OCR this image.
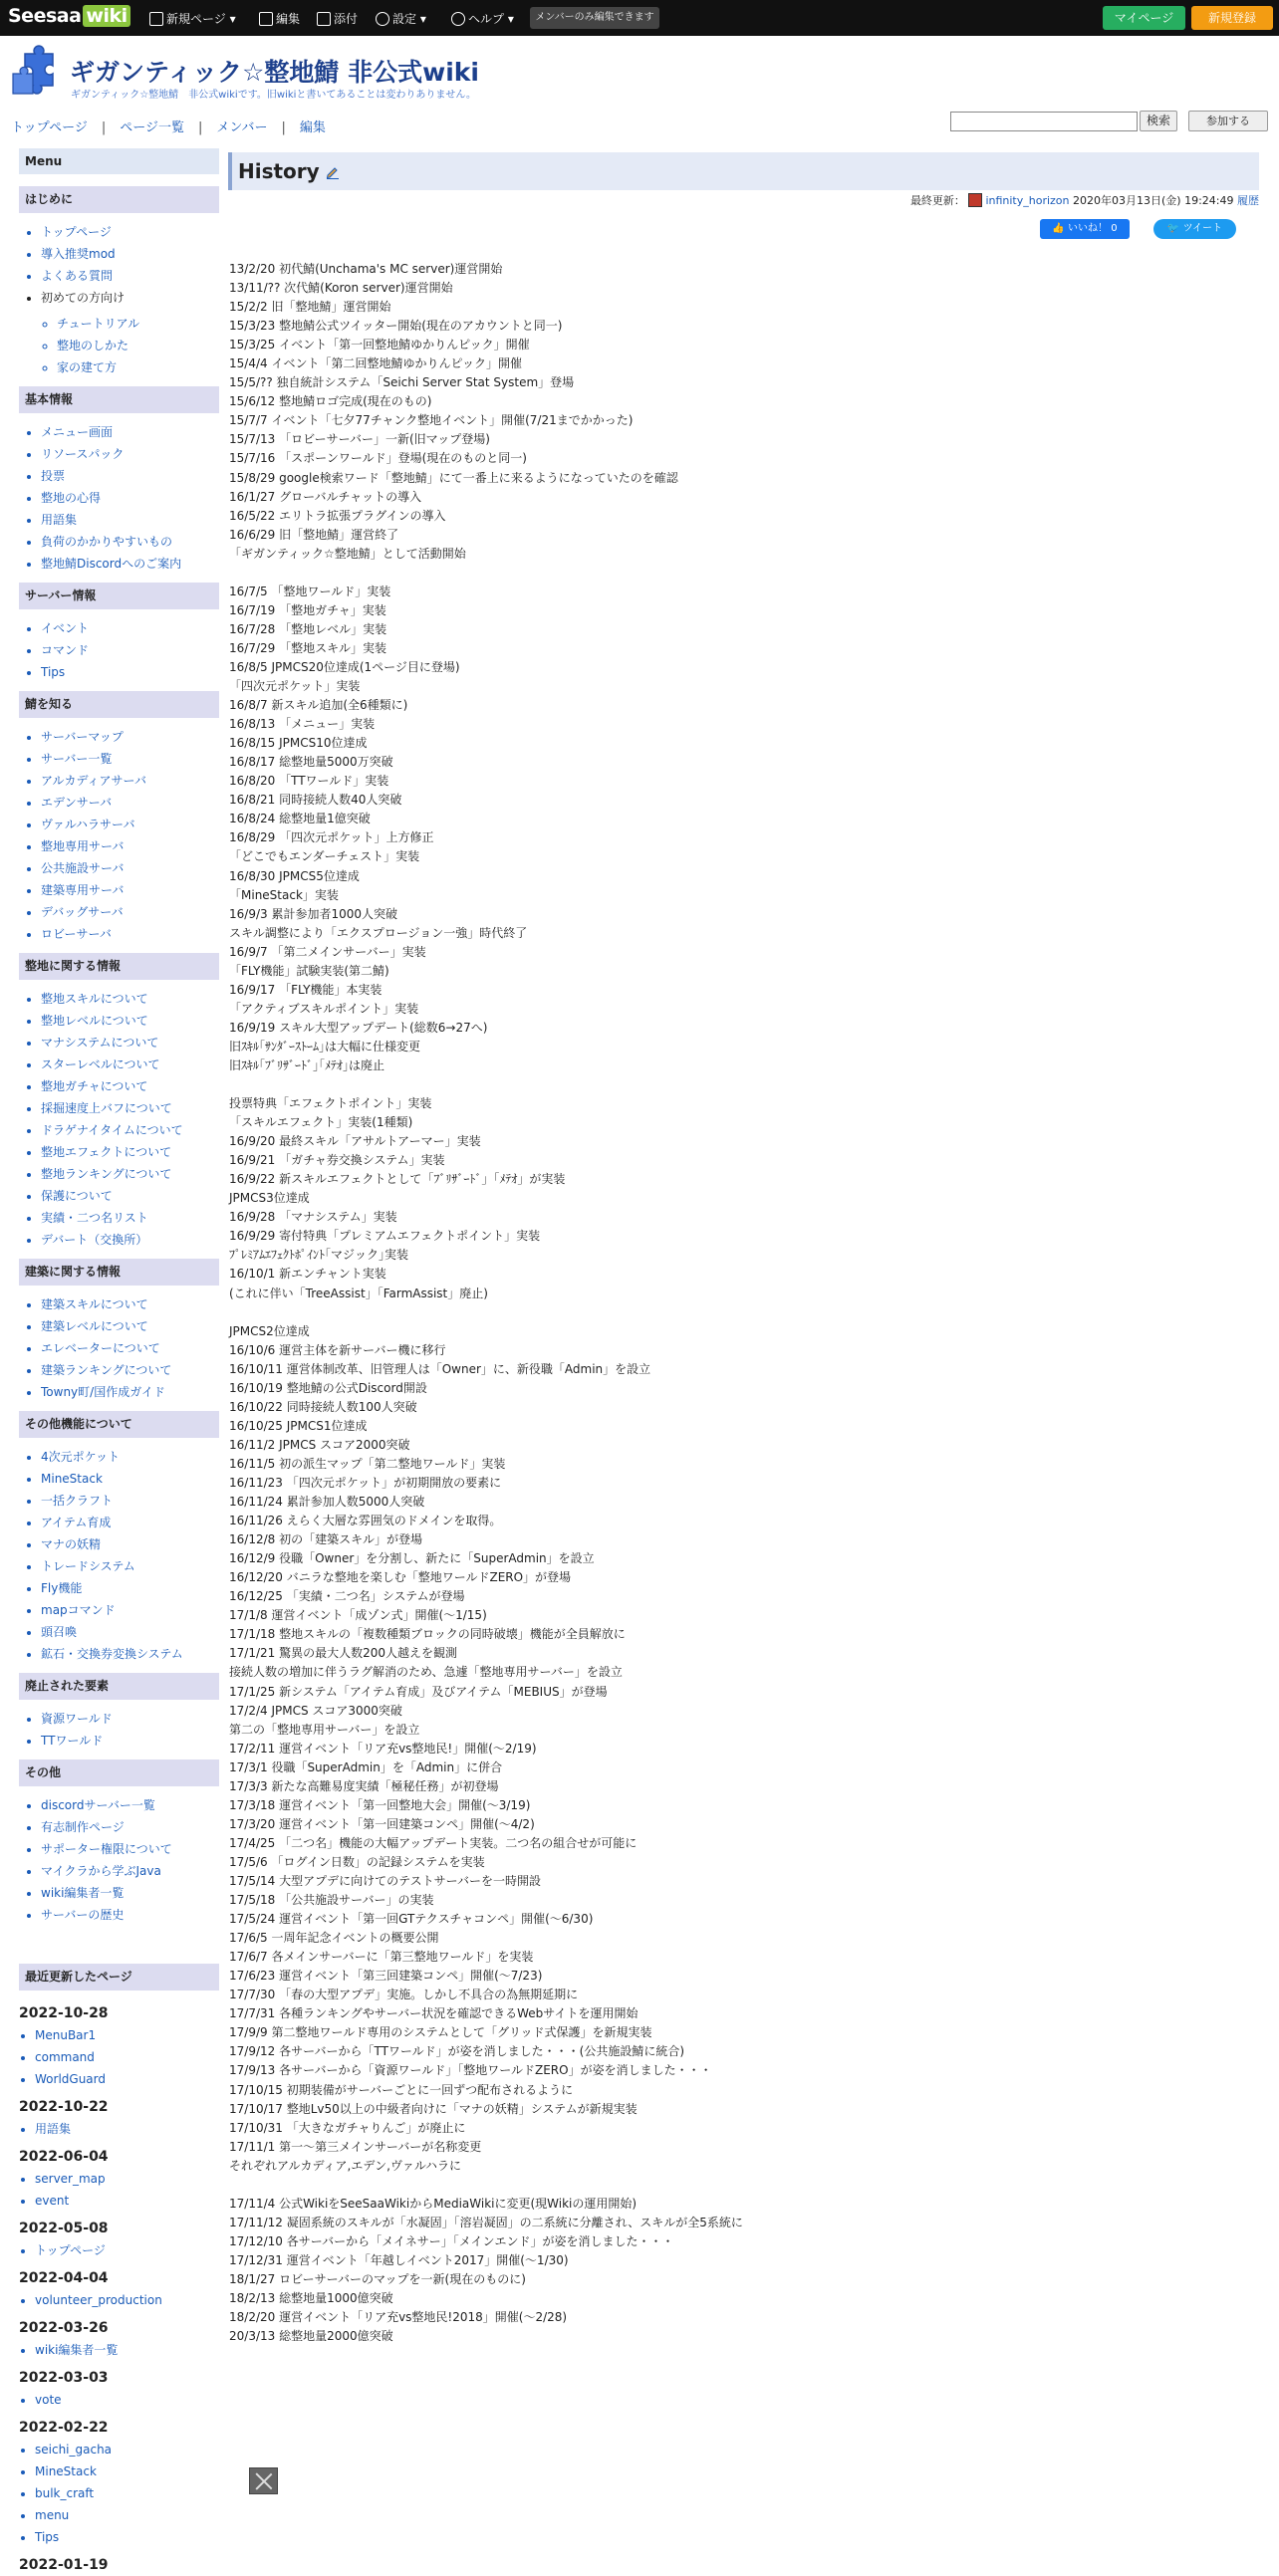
Seesaa wiki	新規ページ ▾	編集	添付	設定 ▾	ヘルプ ▾	メンバーのみ編集できます	マイページ	新規登録
ギガンティック☆整地鯖 非公式wiki
ギガンティック☆整地鯖　非公式wikiです。旧wikiと書いてあることは変わりありません。
トップページ | ページ一覧 | メンバー | 編集	検索	参加する
Menu
はじめに
• トップページ
• 導入推奨mod
• よくある質問
• 初めての方向け
◦ チュートリアル
◦ 整地のしかた
◦ 家の建て方
基本情報
• メニュー画面
• リソースパック
• 投票
• 整地の心得
• 用語集
• 負荷のかかりやすいもの
• 整地鯖Discordへのご案内
サーバー情報
• イベント
• コマンド
• Tips
鯖を知る
• サーバーマップ
• サーバー一覧
• アルカディアサーバ
• エデンサーバ
• ヴァルハラサーバ
• 整地専用サーバ
• 公共施設サーバ
• 建築専用サーバ
• デバッグサーバ
• ロビーサーバ
整地に関する情報
• 整地スキルについて
• 整地レベルについて
• マナシステムについて
• スターレベルについて
• 整地ガチャについて
• 採掘速度上バフについて
• ドラゲナイタイムについて
• 整地エフェクトについて
• 整地ランキングについて
• 保護について
• 実績・二つ名リスト
• デバート（交換所）
建築に関する情報
• 建築スキルについて
• 建築レベルについて
• エレベーターについて
• 建築ランキングについて
• Towny町/国作成ガイド
その他機能について
• 4次元ポケット
• MineStack
• 一括クラフト
• アイテム育成
• マナの妖精
• トレードシステム
• Fly機能
• mapコマンド
• 頭召喚
• 鉱石・交換券変換システム
廃止された要素
• 資源ワールド
• TTワールド
その他
• discordサーバー一覧
• 有志制作ページ
• サポーター権限について
• マイクラから学ぶJava
• wiki編集者一覧
• サーバーの歴史
最近更新したページ
2022-10-28
• MenuBar1
• command
• WorldGuard
2022-10-22
• 用語集
2022-06-04
• server_map
• event
2022-05-08
• トップページ
2022-04-04
• volunteer_production
2022-03-26
• wiki編集者一覧
2022-03-03
• vote
2022-02-22
• seichi_gacha
• MineStack
• bulk_craft
• menu
• Tips
2022-01-19
History
最終更新： infinity_horizon 2020年03月13日(金) 19:24:49 履歴
👍 いいね！ 0	🐦 ツイート
13/2/20 初代鯖(Unchama's MC server)運営開始
13/11/?? 次代鯖(Koron server)運営開始
15/2/2 旧「整地鯖」運営開始
15/3/23 整地鯖公式ツイッター開始(現在のアカウントと同一)
15/3/25 イベント「第一回整地鯖ゆかりんピック」開催
15/4/4 イベント「第二回整地鯖ゆかりんピック」開催
15/5/?? 独自統計システム「Seichi Server Stat System」登場
15/6/12 整地鯖ロゴ完成(現在のもの)
15/7/7 イベント「七夕77チャンク整地イベント」開催(7/21までかかった)
15/7/13 「ロビーサーバー」一新(旧マップ登場)
15/7/16 「スポーンワールド」登場(現在のものと同一)
15/8/29 google検索ワード「整地鯖」にて一番上に来るようになっていたのを確認
16/1/27 グローバルチャットの導入
16/5/22 エリトラ拡張プラグインの導入
16/6/29 旧「整地鯖」運営終了
「ギガンティック☆整地鯖」として活動開始
16/7/5 「整地ワールド」実装
16/7/19 「整地ガチャ」実装
16/7/28 「整地レベル」実装
16/7/29 「整地スキル」実装
16/8/5 JPMCS20位達成(1ページ目に登場)
「四次元ポケット」実装
16/8/7 新スキル追加(全6種類に)
16/8/13 「メニュー」実装
16/8/15 JPMCS10位達成
16/8/17 総整地量5000万突破
16/8/20 「TTワールド」実装
16/8/21 同時接続人数40人突破
16/8/24 総整地量1億突破
16/8/29 「四次元ポケット」上方修正
「どこでもエンダーチェスト」実装
16/8/30 JPMCS5位達成
「MineStack」実装
16/9/3 累計参加者1000人突破
スキル調整により「エクスプロージョン一強」時代終了
16/9/7 「第二メインサーバー」実装
「FLY機能」試験実装(第二鯖)
16/9/17 「FLY機能」本実装
「アクティブスキルポイント」実装
16/9/19 スキル大型アップデート(総数6→27へ)
旧ｽｷﾙ｢ｻﾝﾀﾞｰｽﾄｰﾑ｣は大幅に仕様変更
旧ｽｷﾙ｢ﾌﾞﾘｻﾞｰﾄﾞ｣｢ﾒﾃｵ｣は廃止
投票特典「エフェクトポイント」実装
「スキルエフェクト」実装(1種類)
16/9/20 最終スキル「アサルトアーマー」実装
16/9/21 「ガチャ券交換システム」実装
16/9/22 新スキルエフェクトとして「ﾌﾞﾘｻﾞｰﾄﾞ」「ﾒﾃｵ」が実装
JPMCS3位達成
16/9/28 「マナシステム」実装
16/9/29 寄付特典「プレミアムエフェクトポイント」実装
ﾌﾟﾚﾐｱﾑｴﾌｪｸﾄﾎﾟｲﾝﾄ｢マジック｣実装
16/10/1 新エンチャント実装
(これに伴い「TreeAssist」「FarmAssist」廃止)
JPMCS2位達成
16/10/6 運営主体を新サーバー機に移行
16/10/11 運営体制改革、旧管理人は「Owner」に、新役職「Admin」を設立
16/10/19 整地鯖の公式Discord開設
16/10/22 同時接続人数100人突破
16/10/25 JPMCS1位達成
16/11/2 JPMCS スコア2000突破
16/11/5 初の派生マップ「第二整地ワールド」実装
16/11/23 「四次元ポケット」が初期開放の要素に
16/11/24 累計参加人数5000人突破
16/11/26 えらく大層な雰囲気のドメインを取得。
16/12/8 初の「建築スキル」が登場
16/12/9 役職「Owner」を分割し、新たに「SuperAdmin」を設立
16/12/20 バニラな整地を楽しむ「整地ワールドZERO」が登場
16/12/25 「実績・二つ名」システムが登場
17/1/8 運営イベント「成ゾン式」開催(～1/15)
17/1/18 整地スキルの「複数種類ブロックの同時破壊」機能が全員解放に
17/1/21 驚異の最大人数200人越えを観測
接続人数の増加に伴うラグ解消のため、急遽「整地専用サーバー」を設立
17/1/25 新システム「アイテム育成」及びアイテム「MEBIUS」が登場
17/2/4 JPMCS スコア3000突破
第二の「整地専用サーバー」を設立
17/2/11 運営イベント「リア充vs整地民!」開催(～2/19)
17/3/1 役職「SuperAdmin」を「Admin」に併合
17/3/3 新たな高難易度実績「極秘任務」が初登場
17/3/18 運営イベント「第一回整地大会」開催(～3/19)
17/3/20 運営イベント「第一回建築コンペ」開催(～4/2)
17/4/25 「二つ名」機能の大幅アップデート実装。二つ名の組合せが可能に
17/5/6 「ログイン日数」の記録システムを実装
17/5/14 大型アプデに向けてのテストサーバーを一時開設
17/5/18 「公共施設サーバー」の実装
17/5/24 運営イベント「第一回GTテクスチャコンペ」開催(～6/30)
17/6/5 一周年記念イベントの概要公開
17/6/7 各メインサーバーに「第三整地ワールド」を実装
17/6/23 運営イベント「第三回建築コンペ」開催(～7/23)
17/7/30 「春の大型アプデ」実施。しかし不具合の為無期延期に
17/7/31 各種ランキングやサーバー状況を確認できるWebサイトを運用開始
17/9/9 第二整地ワールド専用のシステムとして「グリッド式保護」を新規実装
17/9/12 各サーバーから「TTワールド」が姿を消しました・・・(公共施設鯖に統合)
17/9/13 各サーバーから「資源ワールド」「整地ワールドZERO」が姿を消しました・・・
17/10/15 初期装備がサーバーごとに一回ずつ配布されるように
17/10/17 整地Lv50以上の中級者向けに「マナの妖精」システムが新規実装
17/10/31 「大きなガチャりんご」が廃止に
17/11/1 第一～第三メインサーバーが名称変更
それぞれアルカディア,エデン,ヴァルハラに
17/11/4 公式WikiをSeeSaaWikiからMediaWikiに変更(現Wikiの運用開始)
17/11/12 凝固系統のスキルが「水凝固」「溶岩凝固」の二系統に分離され、スキルが全5系統に
17/12/10 各サーバーから「メイネサー」「メインエンド」が姿を消しました・・・
17/12/31 運営イベント「年越しイベント2017」開催(～1/30)
18/1/27 ロビーサーバーのマップを一新(現在のものに)
18/2/13 総整地量1000億突破
18/2/20 運営イベント「リア充vs整地民!2018」開催(～2/28)
20/3/13 総整地量2000億突破
